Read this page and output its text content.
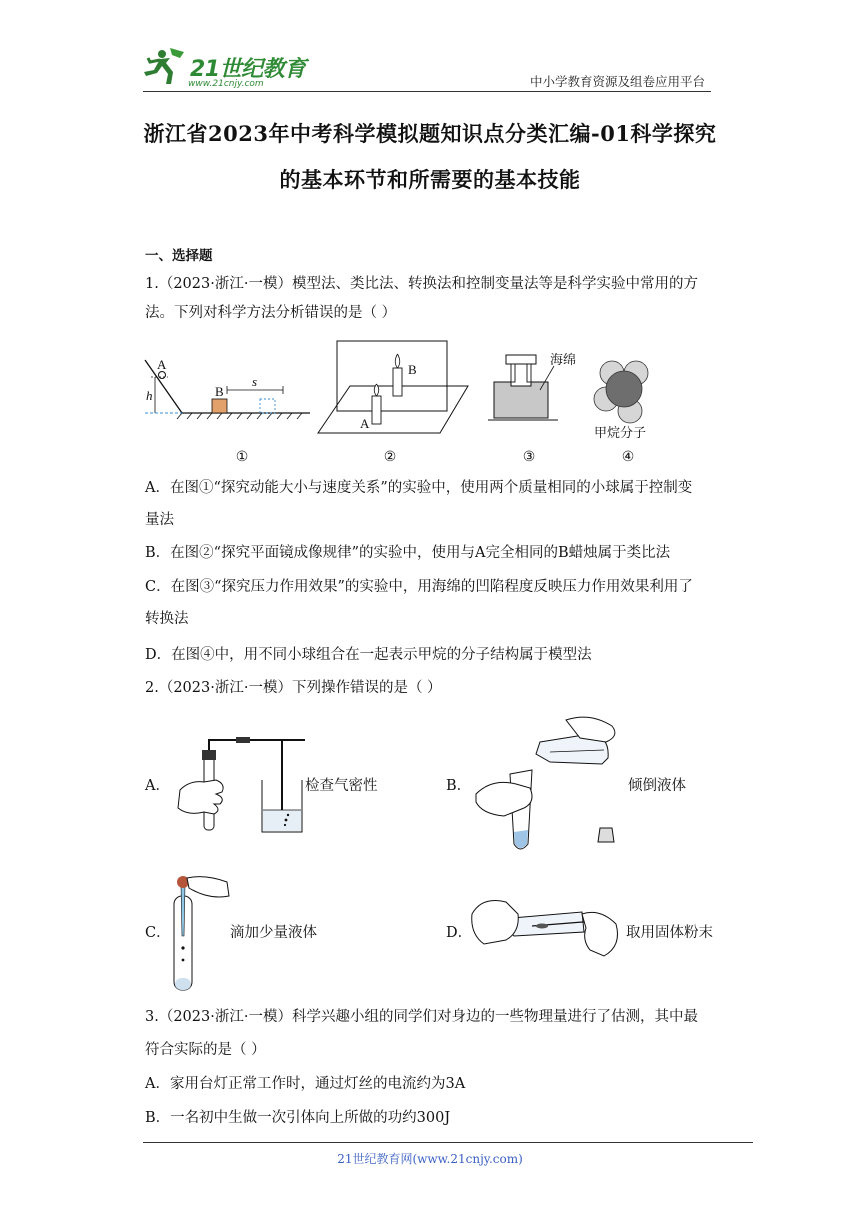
21世纪教育
www.21cnjy.com	中小学教育资源及组卷应用平台
浙江省2023年中考科学模拟题知识点分类汇编-01科学探究
的基本环节和所需要的基本技能
一、选择题
1.（2023·浙江·一模）模型法、类比法、转换法和控制变量法等是科学实验中常用的方
法。下列对科学方法分析错误的是（ ）
A
B
h
s
A
B
海绵
甲烷分子
①	②	③	④
A．在图①“探究动能大小与速度关系”的实验中，使用两个质量相同的小球属于控制变
量法
B．在图②“探究平面镜成像规律”的实验中，使用与A完全相同的B蜡烛属于类比法
C．在图③“探究压力作用效果”的实验中，用海绵的凹陷程度反映压力作用效果利用了
转换法
D．在图④中，用不同小球组合在一起表示甲烷的分子结构属于模型法
2.（2023·浙江·一模）下列操作错误的是（ ）
A．	检查气密性	B．	倾倒液体
C．	滴加少量液体	D．	取用固体粉末
3.（2023·浙江·一模）科学兴趣小组的同学们对身边的一些物理量进行了估测，其中最
符合实际的是（ ）
A．家用台灯正常工作时，通过灯丝的电流约为3A
B．一名初中生做一次引体向上所做的功约300J
21世纪教育网(www.21cnjy.com)
